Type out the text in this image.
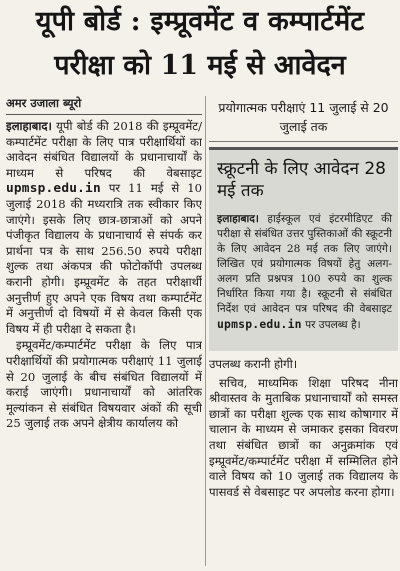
यूपी बोर्ड : इम्प्रूवमेंट व कम्पार्टमेंट
परीक्षा को 11 मई से आवेदन
अमर उजाला ब्यूरो

इलाहाबाद। यूपी बोर्ड की 2018 की इम्प्रूवमेंट/कम्पार्टमेंट परीक्षा के लिए पात्र परीक्षार्थियों का आवेदन संबंधित विद्यालयों के प्रधानाचार्यों के माध्यम से परिषद की वेबसाइट upmsp.edu.in पर 11 मई से 10 जुलाई 2018 की मध्यरात्रि तक स्वीकार किए जाएंगे। इसके लिए छात्र-छात्राओं को अपने पंजीकृत विद्यालय के प्रधानाचार्य से संपर्क कर प्रार्थना पत्र के साथ 256.50 रुपये परीक्षा शुल्क तथा अंकपत्र की फोटोकॉपी उपलब्ध करानी होगी। इम्प्रूवमेंट के तहत परीक्षार्थी अनुत्तीर्ण हुए अपने एक विषय तथा कम्पार्टमेंट में अनुत्तीर्ण दो विषयों में से केवल किसी एक विषय में ही परीक्षा दे सकता है।

इम्प्रूवमेंट/कम्पार्टमेंट परीक्षा के लिए पात्र परीक्षार्थियों की प्रयोगात्मक परीक्षाएं 11 जुलाई से 20 जुलाई के बीच संबंधित विद्यालयों में कराई जाएंगी। प्रधानाचार्यों को आंतरिक मूल्यांकन से संबंधित विषयवार अंकों की सूची 25 जुलाई तक अपने क्षेत्रीय कार्यालय को

प्रयोगात्मक परीक्षाएं 11 जुलाई से 20 जुलाई तक
स्क्रूटनी के लिए आवेदन 28 मई तक
इलाहाबाद। हाईस्कूल एवं इंटरमीडिएट की परीक्षा से संबंधित उत्तर पुस्तिकाओं की स्क्रूटनी के लिए आवेदन 28 मई तक लिए जाएंगे। लिखित एवं प्रयोगात्मक विषयों हेतु अलग-अलग प्रति प्रश्नपत्र 100 रुपये का शुल्क निर्धारित किया गया है। स्क्रूटनी से संबंधित निर्देश एवं आवेदन पत्र परिषद की वेबसाइट upmsp.edu.in पर उपलब्ध है।

उपलब्ध करानी होगी।

सचिव, माध्यमिक शिक्षा परिषद नीना श्रीवास्तव के मुताबिक प्रधानाचार्यों को समस्त छात्रों का परीक्षा शुल्क एक साथ कोषागार में चालान के माध्यम से जमाकर इसका विवरण तथा संबंधित छात्रों का अनुक्रमांक एवं इम्प्रूवमेंट/कम्पार्टमेंट परीक्षा में सम्मिलित होने वाले विषय को 10 जुलाई तक विद्यालय के पासवर्ड से वेबसाइट पर अपलोड करना होगा।
